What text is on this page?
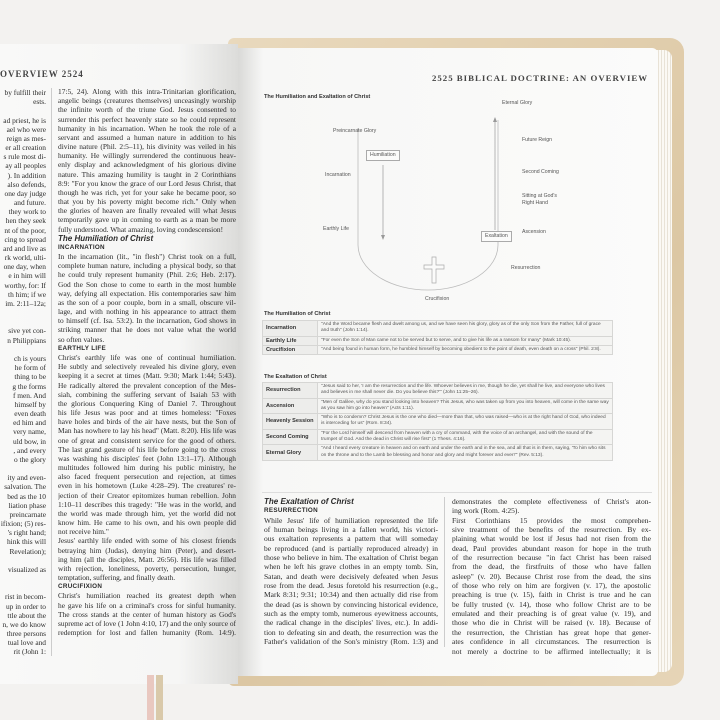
OVERVIEW 2524
by fulfill their
ests.
ad priest, he is
ael who were
reign as mes-
er all creation
s rule most di-
ay all peoples
). In addition
also defends,
one day judge
and future.
they work to
hen they seek
nt of the poor,
cing to spread
ard and live as
rk world, ulti-
one day, when
e in him will
worthy, for: If
th him; if we
im. 2:11–12a;
sive yet con-
n Philippians
ch is yours
he form of
thing to be
g the forms
f men. And
himself by
even death
ed him and
very name,
uld bow, in
, and every
o the glory
ity and even-
salvation. The
bed as the 10
liation phase
preincarnate
ifixion; (5) res-
's right hand;
hink this will
Revelation);
visualized as
rist in becom-
up in order to
ttle about the
n, we do know
three persons
tual love and
rit (John 1:
17:5, 24). Along with this intra-Trinitarian glorification,
angelic beings (creatures themselves) unceasingly worship
the infinite worth of the triune God. Jesus consented to
surrender this perfect heavenly state so he could represent
humanity in his incarnation. When he took the role of a
servant and assumed a human nature in addition to his
divine nature (Phil. 2:5–11), his divinity was veiled in his
humanity. He willingly surrendered the continuous heav-
enly display and acknowledgment of his glorious divine
nature. This amazing humility is taught in 2 Corinthians
8:9: "For you know the grace of our Lord Jesus Christ, that
though he was rich, yet for your sake he became poor, so
that you by his poverty might become rich." Only when
the glories of heaven are finally revealed will what Jesus
temporarily gave up in coming to earth as a man be more
fully understood. What amazing, loving condescension!
The Humiliation of Christ
INCARNATION
In the incarnation (lit., "in flesh") Christ took on a full,
complete human nature, including a physical body, so that
he could truly represent humanity (Phil. 2:6; Heb. 2:17).
God the Son chose to come to earth in the most humble
way, defying all expectation. His contemporaries saw him
as the son of a poor couple, born in a small, obscure vil-
lage, and with nothing in his appearance to attract them
to himself (cf. Isa. 53:2). In the incarnation, God shows in
striking manner that he does not value what the world
so often values.
EARTHLY LIFE
Christ's earthly life was one of continual humiliation.
He subtly and selectively revealed his divine glory, even
keeping it a secret at times (Matt. 9:30; Mark 1:44; 5:43).
He radically altered the prevalent conception of the Mes-
siah, combining the suffering servant of Isaiah 53 with
the glorious Conquering King of Daniel 7. Throughout
his life Jesus was poor and at times homeless: "Foxes
have holes and birds of the air have nests, but the Son of
Man has nowhere to lay his head" (Matt. 8:20). His life was
one of great and consistent service for the good of others.
The last grand gesture of his life before going to the cross
was washing his disciples' feet (John 13:1–17). Although
multitudes followed him during his public ministry, he
also faced frequent persecution and rejection, at times
even in his hometown (Luke 4:28–29). The creatures' re-
jection of their Creator epitomizes human rebellion. John
1:10–11 describes this tragedy: "He was in the world, and
the world was made through him, yet the world did not
know him. He came to his own, and his own people did
not receive him."
Jesus' earthly life ended with some of his closest friends
betraying him (Judas), denying him (Peter), and desert-
ing him (all the disciples, Matt. 26:56). His life was filled
with rejection, loneliness, poverty, persecution, hunger,
temptation, suffering, and finally death.
CRUCIFIXION
Christ's humiliation reached its greatest depth when
he gave his life on a criminal's cross for sinful humanity.
The cross stands at the center of human history as God's
supreme act of love (1 John 4:10, 17) and the only source of
redemption for lost and fallen humanity (Rom. 14:9).
2525 BIBLICAL DOCTRINE: AN OVERVIEW
The Humiliation and Exaltation of Christ
Preincarnate Glory
Humiliation
Incarnation
Earthly Life
Crucifixion
Resurrection
Exaltation
Ascension
Sitting at God's Right Hand
Second Coming
Future Reign
Eternal Glory
The Humiliation of Christ
Incarnation	"And the Word became flesh and dwelt among us, and we have seen his glory, glory as of the only Son from the Father, full of grace and truth" (John 1:14).
Earthly Life	"For even the Son of Man came not to be served but to serve, and to give his life as a ransom for many" (Mark 10:45).
Crucifixion	"And being found in human form, he humbled himself by becoming obedient to the point of death, even death on a cross" (Phil. 2:8).
The Exaltation of Christ
Resurrection	"Jesus said to her, 'I am the resurrection and the life. Whoever believes in me, though he die, yet shall he live, and everyone who lives and believes in me shall never die. Do you believe this?'" (John 11:25–26).
Ascension	"Men of Galilee, why do you stand looking into heaven? This Jesus, who was taken up from you into heaven, will come in the same way as you saw him go into heaven" (Acts 1:11).
Heavenly Session	"Who is to condemn? Christ Jesus is the one who died—more than that, who was raised—who is at the right hand of God, who indeed is interceding for us" (Rom. 8:34).
Second Coming	"For the Lord himself will descend from heaven with a cry of command, with the voice of an archangel, and with the sound of the trumpet of God. And the dead in Christ will rise first" (1 Thess. 4:16).
Eternal Glory	"And I heard every creature in heaven and on earth and under the earth and in the sea, and all that is in them, saying, 'To him who sits on the throne and to the Lamb be blessing and honor and glory and might forever and ever!'" (Rev. 5:13).
The Exaltation of Christ
RESURRECTION
While Jesus' life of humiliation represented the life
of human beings living in a fallen world, his victori-
ous exaltation represents a pattern that will someday
be reproduced (and is partially reproduced already) in
those who believe in him. The exaltation of Christ began
when he left his grave clothes in an empty tomb. Sin,
Satan, and death were decisively defeated when Jesus
rose from the dead. Jesus foretold his resurrection (e.g.,
Mark 8:31; 9:31; 10:34) and then actually did rise from
the dead (as is shown by convincing historical evidence,
such as the empty tomb, numerous eyewitness accounts,
the radical change in the disciples' lives, etc.). In addi-
tion to defeating sin and death, the resurrection was the
Father's validation of the Son's ministry (Rom. 1:3) and
demonstrates the complete effectiveness of Christ's aton-
ing work (Rom. 4:25).
First Corinthians 15 provides the most comprehen-
sive treatment of the benefits of the resurrection. By ex-
plaining what would be lost if Jesus had not risen from the
dead, Paul provides abundant reason for hope in the truth
of the resurrection because "in fact Christ has been raised
from the dead, the firstfruits of those who have fallen
asleep" (v. 20). Because Christ rose from the dead, the sins
of those who rely on him are forgiven (v. 17), the apostolic
preaching is true (v. 15), faith in Christ is true and he can
be fully trusted (v. 14), those who follow Christ are to be
emulated and their preaching is of great value (v. 19), and
those who die in Christ will be raised (v. 18). Because of
the resurrection, the Christian has great hope that gener-
ates confidence in all circumstances. The resurrection is
not merely a doctrine to be affirmed intellectually; it is
